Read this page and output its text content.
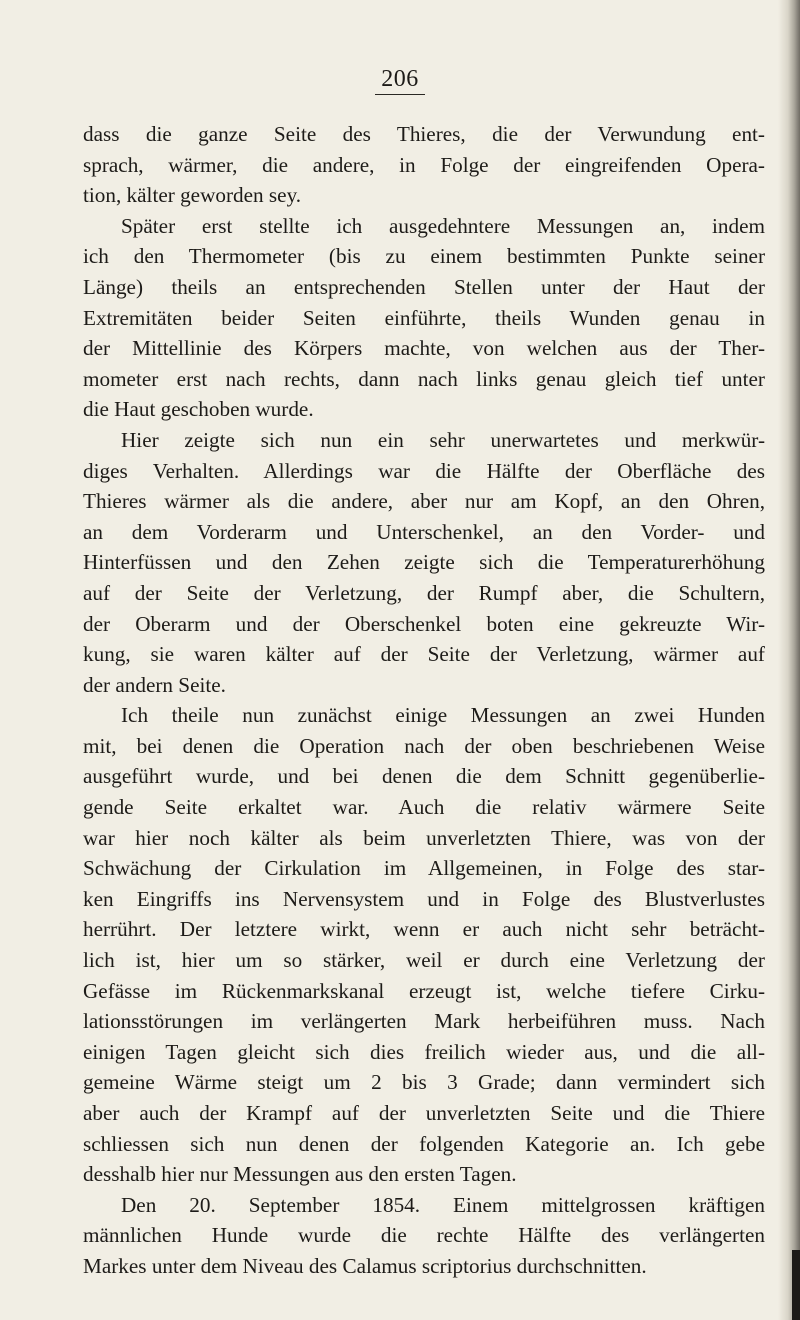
206
dass die ganze Seite des Thieres, die der Verwundung ent-
sprach, wärmer, die andere, in Folge der eingreifenden Opera-
tion, kälter geworden sey.
Später erst stellte ich ausgedehntere Messungen an, indem
ich den Thermometer (bis zu einem bestimmten Punkte seiner
Länge) theils an entsprechenden Stellen unter der Haut der
Extremitäten beider Seiten einführte, theils Wunden genau in
der Mittellinie des Körpers machte, von welchen aus der Ther-
mometer erst nach rechts, dann nach links genau gleich tief unter
die Haut geschoben wurde.
Hier zeigte sich nun ein sehr unerwartetes und merkwür-
diges Verhalten. Allerdings war die Hälfte der Oberfläche des
Thieres wärmer als die andere, aber nur am Kopf, an den Ohren,
an dem Vorderarm und Unterschenkel, an den Vorder- und
Hinterfüssen und den Zehen zeigte sich die Temperaturerhöhung
auf der Seite der Verletzung, der Rumpf aber, die Schultern,
der Oberarm und der Oberschenkel boten eine gekreuzte Wir-
kung, sie waren kälter auf der Seite der Verletzung, wärmer auf
der andern Seite.
Ich theile nun zunächst einige Messungen an zwei Hunden
mit, bei denen die Operation nach der oben beschriebenen Weise
ausgeführt wurde, und bei denen die dem Schnitt gegenüberlie-
gende Seite erkaltet war. Auch die relativ wärmere Seite
war hier noch kälter als beim unverletzten Thiere, was von der
Schwächung der Cirkulation im Allgemeinen, in Folge des star-
ken Eingriffs ins Nervensystem und in Folge des Blustverlustes
herrührt. Der letztere wirkt, wenn er auch nicht sehr beträcht-
lich ist, hier um so stärker, weil er durch eine Verletzung der
Gefässe im Rückenmarkskanal erzeugt ist, welche tiefere Cirku-
lationsstörungen im verlängerten Mark herbeiführen muss. Nach
einigen Tagen gleicht sich dies freilich wieder aus, und die all-
gemeine Wärme steigt um 2 bis 3 Grade; dann vermindert sich
aber auch der Krampf auf der unverletzten Seite und die Thiere
schliessen sich nun denen der folgenden Kategorie an. Ich gebe
desshalb hier nur Messungen aus den ersten Tagen.
Den 20. September 1854. Einem mittelgrossen kräftigen
männlichen Hunde wurde die rechte Hälfte des verlängerten
Markes unter dem Niveau des Calamus scriptorius durchschnitten.
